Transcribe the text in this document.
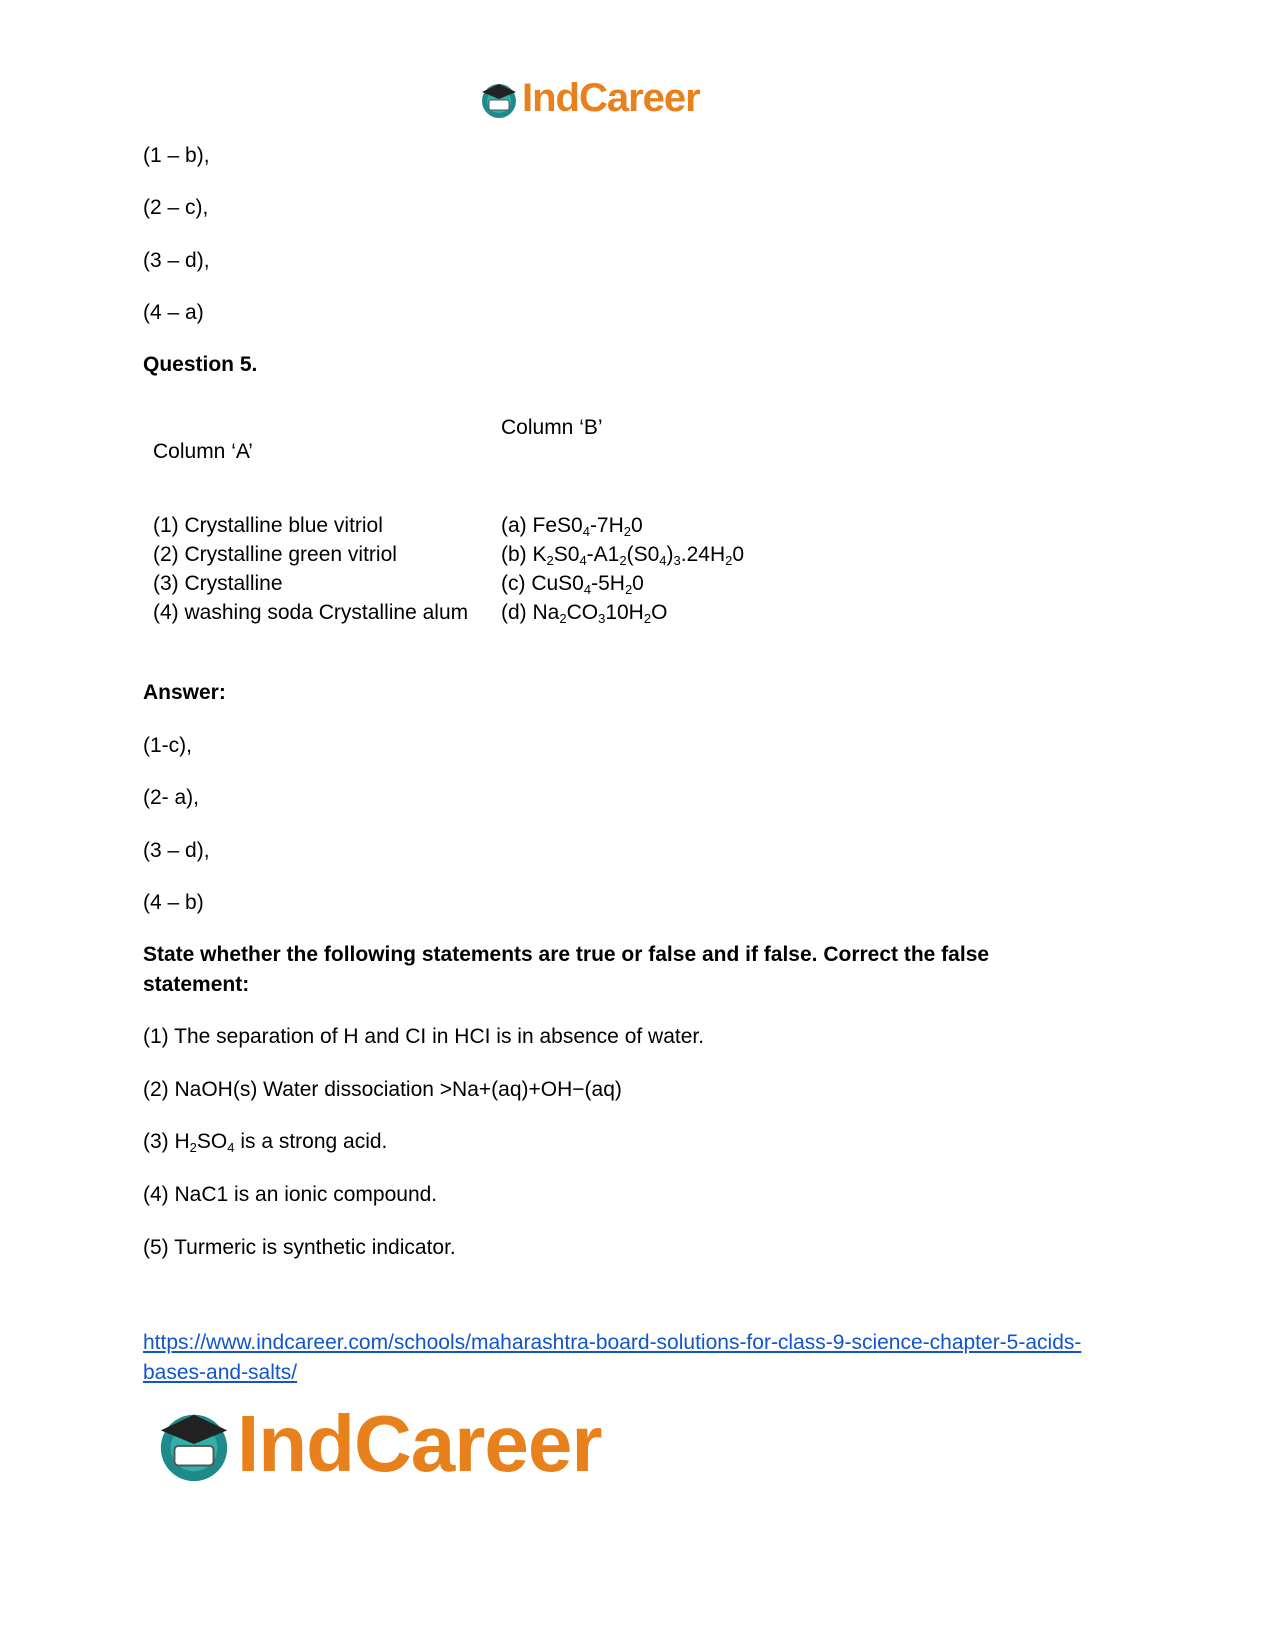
IndCareer
(1 – b),
(2 – c),
(3 – d),
(4 – a)
Question 5.
Column ‘B’
Column ‘A’
(1) Crystalline blue vitriol
(2) Crystalline green vitriol
(3) Crystalline
(4) washing soda Crystalline alum
(a) $FeS0_4-7H_20$
(b) $K_2S0_4-A1_2(S0_4)_3.24H_20$
(c) $CuS0_4-5H_20$
(d) $Na_2CO_310H_2O$
Answer:
(1-c),
(2- a),
(3 – d),
(4 – b)
State whether the following statements are true or false and if false. Correct the false statement:
(1) The separation of H and CI in HCI is in absence of water.
(2) NaOH(s) Water dissociation >Na+(aq)+OH−(aq)
(3) $H_2SO_4$ is a strong acid.
(4) NaC1 is an ionic compound.
(5) Turmeric is synthetic indicator.
https://www.indcareer.com/schools/maharashtra-board-solutions-for-class-9-science-chapter-5-acids-bases-and-salts/
IndCareer
